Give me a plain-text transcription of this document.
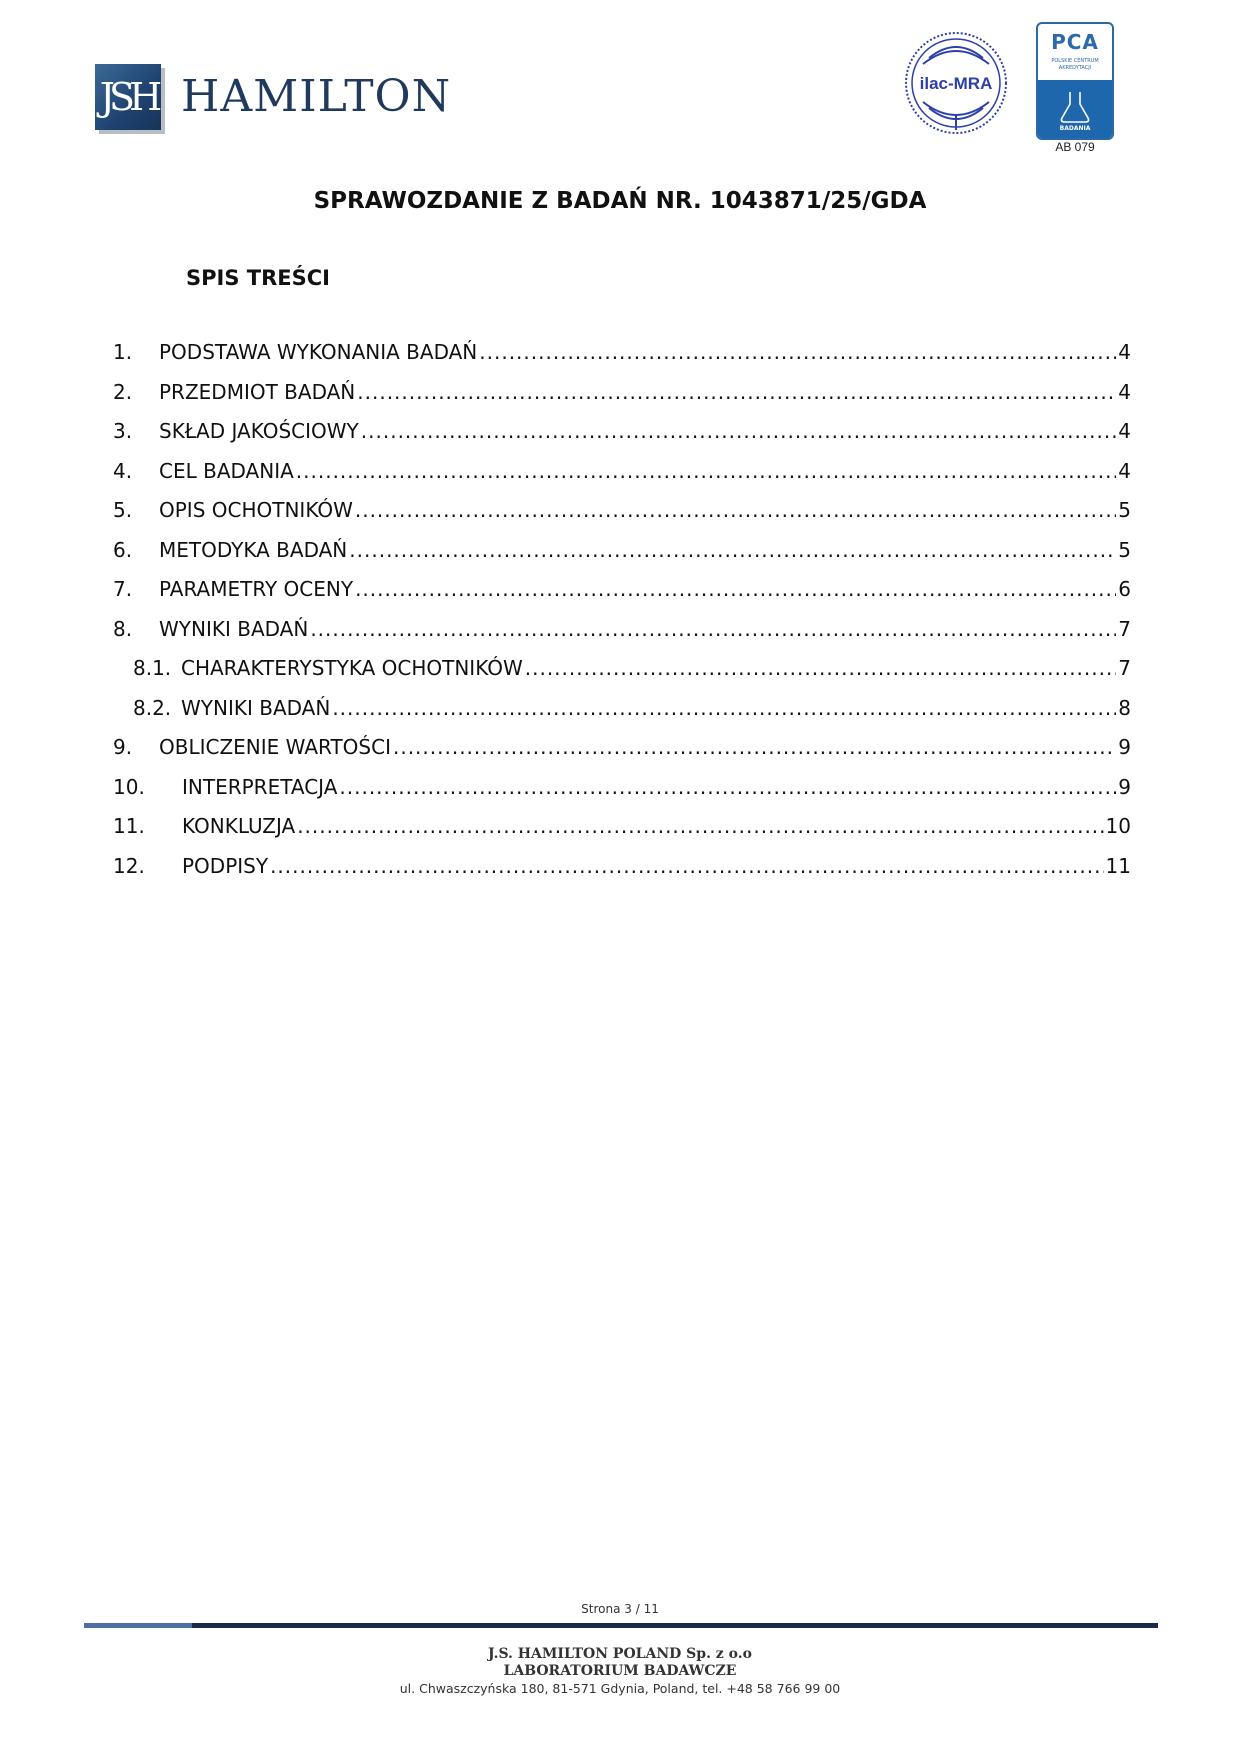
JSH HAMILTON	ilac-MRA
PCA
POLSKIE CENTRUM
AKREDYTACJI
BADANIA
AB 079
SPRAWOZDANIE Z BADAŃ NR. 1043871/25/GDA
SPIS TREŚCI
1.	PODSTAWA WYKONANIA BADAŃ .....	4
2.	PRZEDMIOT BADAŃ .....	4
3.	SKŁAD JAKOŚCIOWY .....	4
4.	CEL BADANIA .....	4
5.	OPIS OCHOTNIKÓW .....	5
6.	METODYKA BADAŃ .....	5
7.	PARAMETRY OCENY .....	6
8.	WYNIKI BADAŃ .....	7
8.1. CHARAKTERYSTYKA OCHOTNIKÓW .....	7
8.2. WYNIKI BADAŃ .....	8
9.	OBLICZENIE WARTOŚCI .....	9
10.	INTERPRETACJA .....	9
11.	KONKLUZJA .....	10
12.	PODPISY .....	11
Strona 3 / 11
J.S. HAMILTON POLAND Sp. z o.o
LABORATORIUM BADAWCZE
ul. Chwaszczyńska 180, 81-571 Gdynia, Poland, tel. +48 58 766 99 00
